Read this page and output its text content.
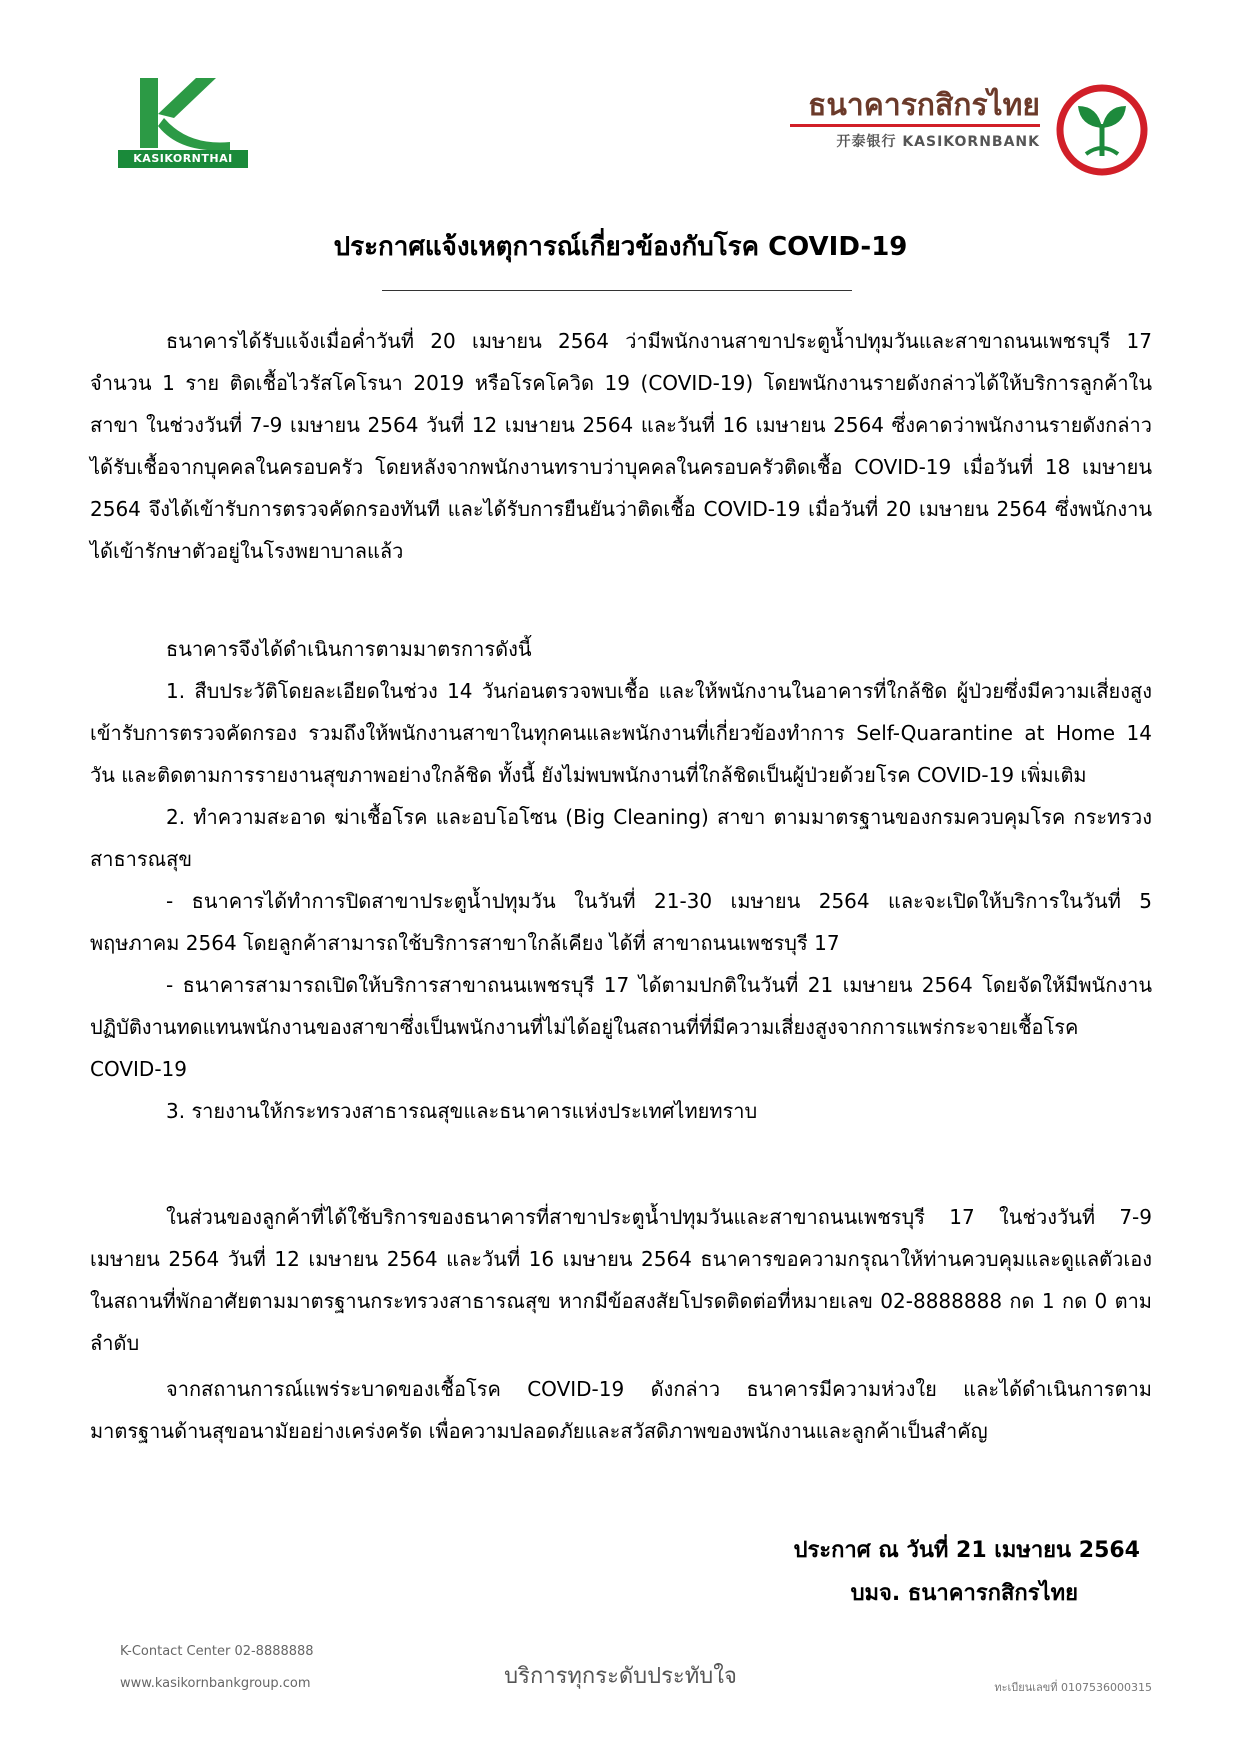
KASIKORNTHAI
ธนาคารกสิกรไทย
开泰银行 KASIKORNBANK
ประกาศแจ้งเหตุการณ์เกี่ยวข้องกับโรค COVID-19
ธนาคารได้รับแจ้งเมื่อค่ำวันที่ 20 เมษายน 2564 ว่ามีพนักงานสาขาประตูน้ำปทุมวันและสาขาถนนเพชรบุรี 17 จำนวน 1 ราย ติดเชื้อไวรัสโคโรนา 2019 หรือโรคโควิด 19 (COVID-19) โดยพนักงานรายดังกล่าวได้ให้บริการลูกค้าในสาขา ในช่วงวันที่ 7-9 เมษายน 2564 วันที่ 12 เมษายน 2564 และวันที่ 16 เมษายน 2564 ซึ่งคาดว่าพนักงานรายดังกล่าวได้รับเชื้อจากบุคคลในครอบครัว โดยหลังจากพนักงานทราบว่าบุคคลในครอบครัวติดเชื้อ COVID-19 เมื่อวันที่ 18 เมษายน 2564 จึงได้เข้ารับการตรวจคัดกรองทันที และได้รับการยืนยันว่าติดเชื้อ COVID-19 เมื่อวันที่ 20 เมษายน 2564 ซึ่งพนักงานได้เข้ารักษาตัวอยู่ในโรงพยาบาลแล้ว
ธนาคารจึงได้ดำเนินการตามมาตรการดังนี้
1. สืบประวัติโดยละเอียดในช่วง 14 วันก่อนตรวจพบเชื้อ และให้พนักงานในอาคารที่ใกล้ชิด ผู้ป่วยซึ่งมีความเสี่ยงสูงเข้ารับการตรวจคัดกรอง รวมถึงให้พนักงานสาขาในทุกคนและพนักงานที่เกี่ยวข้องทำการ Self-Quarantine at Home 14 วัน และติดตามการรายงานสุขภาพอย่างใกล้ชิด ทั้งนี้ ยังไม่พบพนักงานที่ใกล้ชิดเป็นผู้ป่วยด้วยโรค COVID-19 เพิ่มเติม
2. ทำความสะอาด ฆ่าเชื้อโรค และอบโอโซน (Big Cleaning) สาขา ตามมาตรฐานของกรมควบคุมโรค กระทรวงสาธารณสุข
- ธนาคารได้ทำการปิดสาขาประตูน้ำปทุมวัน ในวันที่ 21-30 เมษายน 2564 และจะเปิดให้บริการในวันที่ 5 พฤษภาคม 2564 โดยลูกค้าสามารถใช้บริการสาขาใกล้เคียง ได้ที่ สาขาถนนเพชรบุรี 17
- ธนาคารสามารถเปิดให้บริการสาขาถนนเพชรบุรี 17 ได้ตามปกติในวันที่ 21 เมษายน 2564 โดยจัดให้มีพนักงานปฏิบัติงานทดแทนพนักงานของสาขาซึ่งเป็นพนักงานที่ไม่ได้อยู่ในสถานที่ที่มีความเสี่ยงสูงจากการแพร่กระจายเชื้อโรค COVID-19
3. รายงานให้กระทรวงสาธารณสุขและธนาคารแห่งประเทศไทยทราบ
ในส่วนของลูกค้าที่ได้ใช้บริการของธนาคารที่สาขาประตูน้ำปทุมวันและสาขาถนนเพชรบุรี 17 ในช่วงวันที่ 7-9 เมษายน 2564 วันที่ 12 เมษายน 2564 และวันที่ 16 เมษายน 2564 ธนาคารขอความกรุณาให้ท่านควบคุมและดูแลตัวเองในสถานที่พักอาศัยตามมาตรฐานกระทรวงสาธารณสุข หากมีข้อสงสัยโปรดติดต่อที่หมายเลข 02-8888888 กด 1 กด 0 ตามลำดับ
จากสถานการณ์แพร่ระบาดของเชื้อโรค COVID-19 ดังกล่าว ธนาคารมีความห่วงใย และได้ดำเนินการตามมาตรฐานด้านสุขอนามัยอย่างเคร่งครัด เพื่อความปลอดภัยและสวัสดิภาพของพนักงานและลูกค้าเป็นสำคัญ
ประกาศ ณ วันที่ 21 เมษายน 2564
บมจ. ธนาคารกสิกรไทย
K-Contact Center 02-8888888
www.kasikornbankgroup.com	บริการทุกระดับประทับใจ	ทะเบียนเลขที่ 0107536000315
